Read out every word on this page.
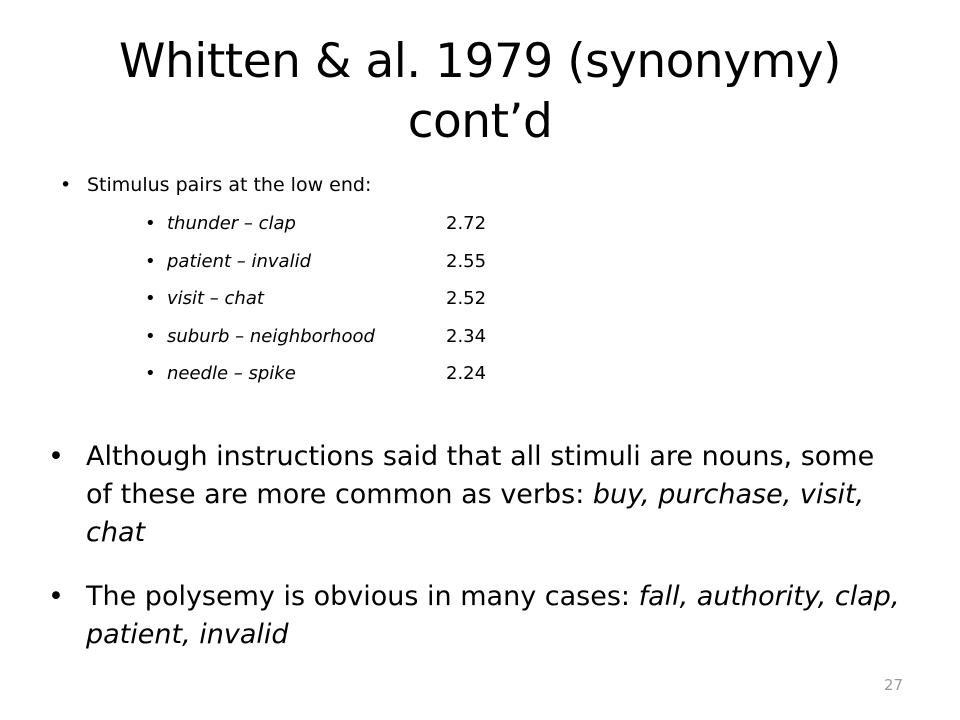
Whitten & al. 1979 (synonymy) cont’d
• Stimulus pairs at the low end:
• thunder – clap	2.72
• patient – invalid	2.55
• visit – chat	2.52
• suburb – neighborhood	2.34
• needle – spike	2.24
• Although instructions said that all stimuli are nouns, some of these are more common as verbs: buy, purchase, visit, chat
• The polysemy is obvious in many cases: fall, authority, clap, patient, invalid
27
